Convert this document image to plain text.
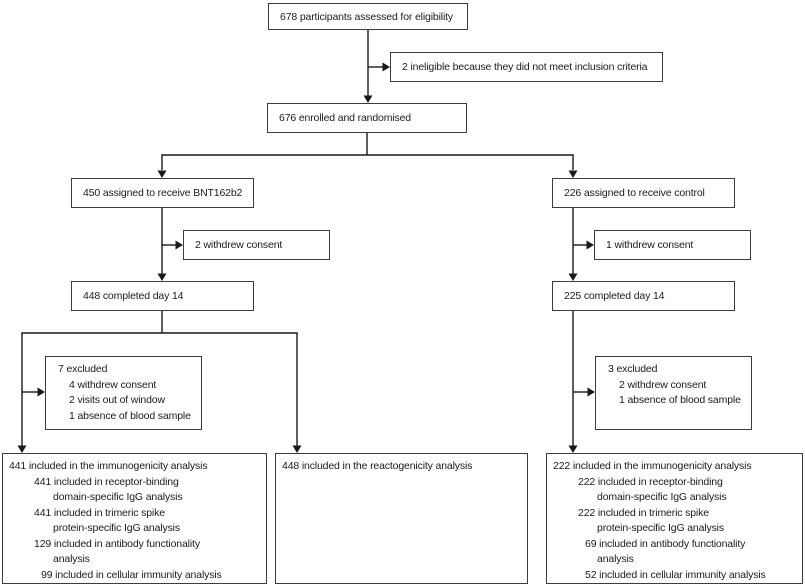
678 participants assessed for eligibility
2 ineligible because they did not meet inclusion criteria
676 enrolled and randomised
450 assigned to receive BNT162b2
2 withdrew consent
448 completed day 14
226 assigned to receive control
1 withdrew consent
225 completed day 14
7 excluded
4 withdrew consent
2 visits out of window
1 absence of blood sample
3 excluded
2 withdrew consent
1 absence of blood sample
441 included in the immunogenicity analysis
441 included in receptor-binding
domain-specific IgG analysis
441 included in trimeric spike
protein-specific IgG analysis
129 included in antibody functionality
analysis
99 included in cellular immunity analysis
448 included in the reactogenicity analysis	222 included in the immunogenicity analysis
222 included in receptor-binding
domain-specific IgG analysis
222 included in trimeric spike
protein-specific IgG analysis
69 included in antibody functionality
analysis
52 included in cellular immunity analysis
